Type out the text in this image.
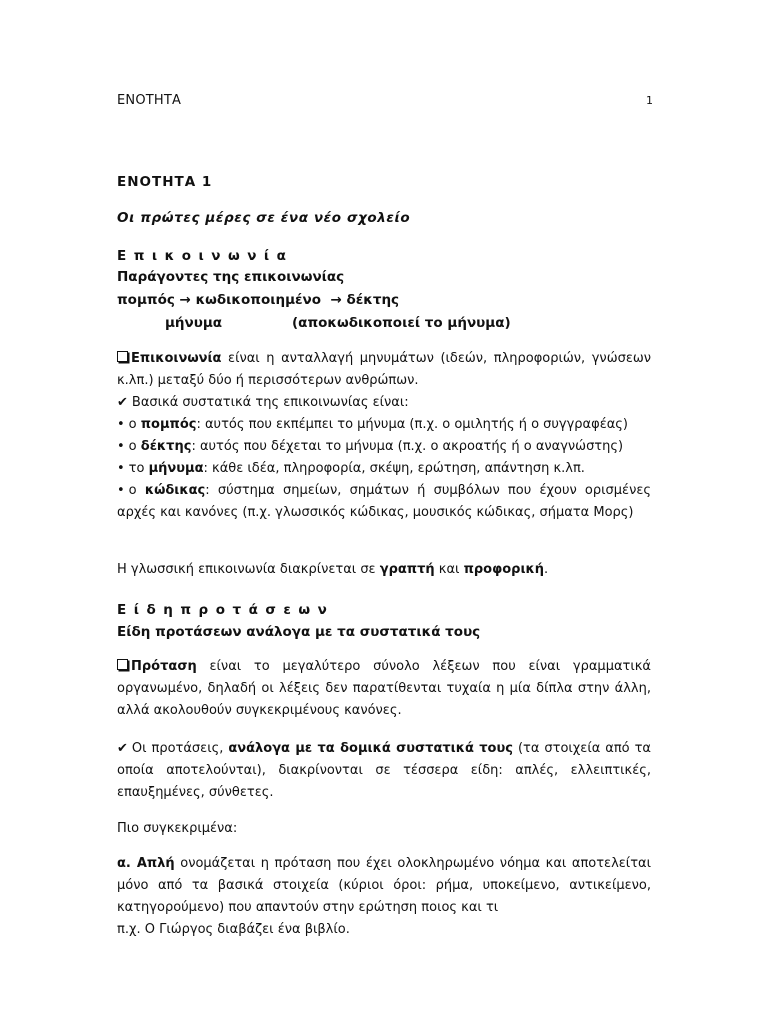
ΕΝΟΤΗΤΑ	1
ΕΝΟΤΗΤΑ 1
Οι πρώτες μέρες σε ένα νέο σχολείο
Επικοινωνία
Παράγοντες της επικοινωνίας
πομπός → κωδικοποιημένο → δέκτης
μήνυμα	(αποκωδικοποιεί το μήνυμα)

Επικοινωνία είναι η ανταλλαγή μηνυμάτων (ιδεών, πληροφοριών, γνώσεων κ.λπ.) μεταξύ δύο ή περισσότερων ανθρώπων.

✔ Βασικά συστατικά της επικοινωνίας είναι:

• ο πομπός: αυτός που εκπέμπει το μήνυμα (π.χ. ο ομιλητής ή ο συγγραφέας)

• ο δέκτης: αυτός που δέχεται το μήνυμα (π.χ. ο ακροατής ή ο αναγνώστης)

• το μήνυμα: κάθε ιδέα, πληροφορία, σκέψη, ερώτηση, απάντηση κ.λπ.

• ο κώδικας: σύστημα σημείων, σημάτων ή συμβόλων που έχουν ορισμένες αρχές και κανόνες (π.χ. γλωσσικός κώδικας, μουσικός κώδικας, σήματα Μορς)

Η γλωσσική επικοινωνία διακρίνεται σε γραπτή και προφορική.

Είδηπροτάσεων
Είδη προτάσεων ανάλογα με τα συστατικά τους

Πρόταση είναι το μεγαλύτερο σύνολο λέξεων που είναι γραμματικά οργανωμένο, δηλαδή οι λέξεις δεν παρατίθενται τυχαία η μία δίπλα στην άλλη, αλλά ακολουθούν συγκεκριμένους κανόνες.

✔ Οι προτάσεις, ανάλογα με τα δομικά συστατικά τους (τα στοιχεία από τα οποία αποτελούνται), διακρίνονται σε τέσσερα είδη: απλές, ελλειπτικές, επαυξημένες, σύνθετες.

Πιο συγκεκριμένα:

α. Απλή ονομάζεται η πρόταση που έχει ολοκληρωμένο νόημα και αποτελείται μόνο από τα βασικά στοιχεία (κύριοι όροι: ρήμα, υποκείμενο, αντικείμενο, κατηγορούμενο) που απαντούν στην ερώτηση ποιος και τι

π.χ. Ο Γιώργος διαβάζει ένα βιβλίο.
